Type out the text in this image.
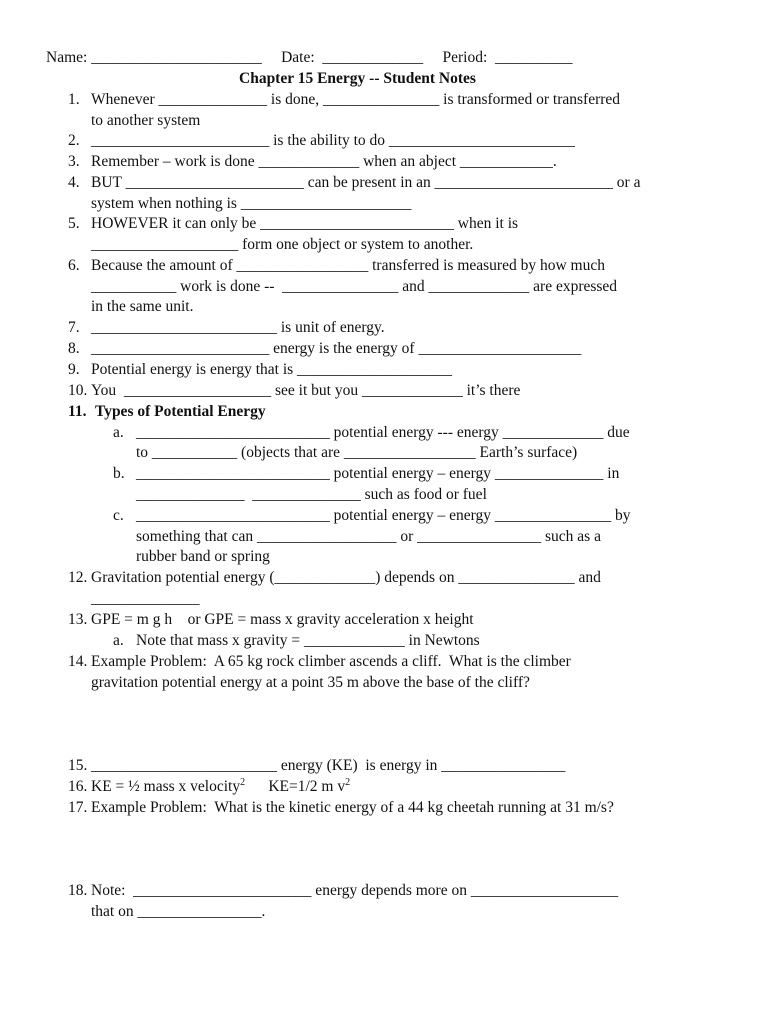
Name: ______________________     Date:  _____________     Period:  __________
Chapter 15 Energy -- Student Notes
1. Whenever ______________ is done, _______________ is transformed or transferred
to another system
2. _______________________ is the ability to do ________________________
3. Remember – work is done _____________ when an abject ____________.
4. BUT _______________________ can be present in an _______________________ or a
system when nothing is ______________________
5. HOWEVER it can only be _________________________ when it is
___________________ form one object or system to another.
6. Because the amount of _________________ transferred is measured by how much
___________ work is done --  _______________ and _____________ are expressed
in the same unit.
7. ________________________ is unit of energy.
8. _______________________ energy is the energy of _____________________
9. Potential energy is energy that is ____________________
10. You  ___________________ see it but you _____________ it’s there
11. Types of Potential Energy
a. _________________________ potential energy --- energy _____________ due
to ___________ (objects that are _________________ Earth’s surface)
b. _________________________ potential energy – energy ______________ in
______________  ______________ such as food or fuel
c. _________________________ potential energy – energy _______________ by
something that can __________________ or ________________ such as a
rubber band or spring
12. Gravitation potential energy (_____________) depends on _______________ and
______________
13. GPE = m g h    or GPE = mass x gravity acceleration x height
a. Note that mass x gravity = _____________ in Newtons
14. Example Problem:  A 65 kg rock climber ascends a cliff.  What is the climber
gravitation potential energy at a point 35 m above the base of the cliff?
15. ________________________ energy (KE)  is energy in ________________
16. KE = ½ mass x velocity$^2$      KE=1/2 m $v^2$
17. Example Problem:  What is the kinetic energy of a 44 kg cheetah running at 31 m/s?
18. Note:  _______________________ energy depends more on ___________________
that on ________________.
